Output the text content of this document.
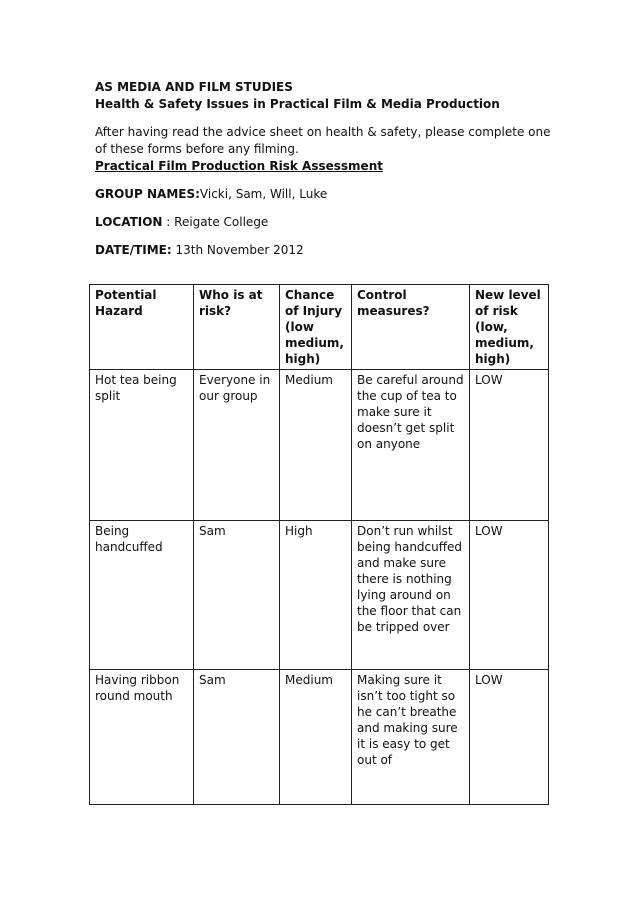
AS MEDIA AND FILM STUDIES
Health & Safety Issues in Practical Film & Media Production
After having read the advice sheet on health & safety, please complete one
of these forms before any filming.
Practical Film Production Risk Assessment
GROUP NAMES:Vicki, Sam, Will, Luke
LOCATION : Reigate College
DATE/TIME: 13th November 2012
Potential Hazard	Who is at risk?	Chance of Injury (low medium, high)	Control measures?	New level of risk (low, medium, high)
Hot tea being split	Everyone in our group	Medium	Be careful around the cup of tea to make sure it doesn’t get split on anyone	LOW
Being handcuffed	Sam	High	Don’t run whilst being handcuffed and make sure there is nothing lying around on the floor that can be tripped over	LOW
Having ribbon round mouth	Sam	Medium	Making sure it isn’t too tight so he can’t breathe and making sure it is easy to get out of	LOW
